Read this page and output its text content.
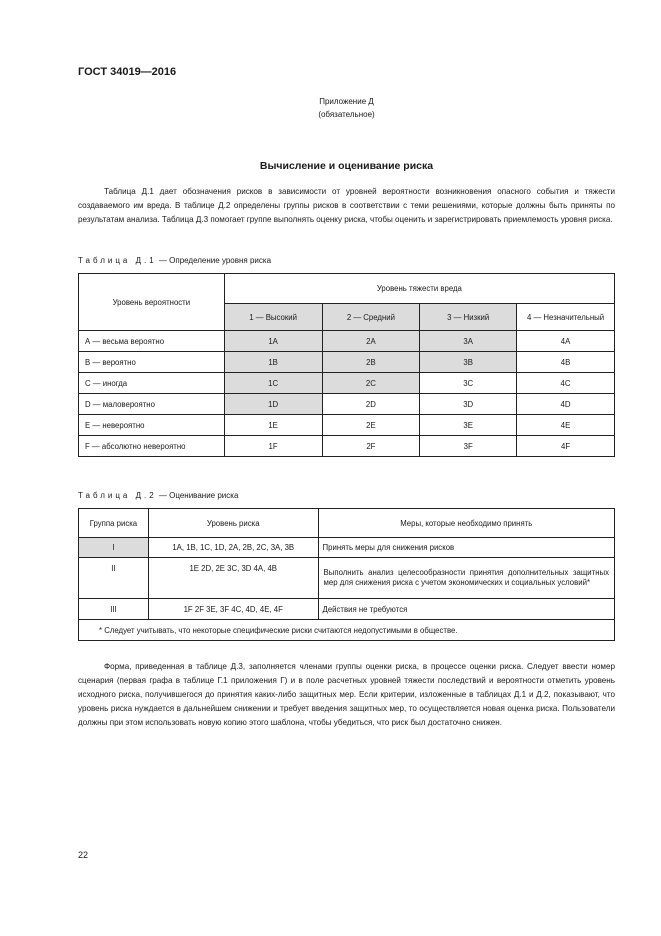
ГОСТ 34019—2016
Приложение Д
(обязательное)
Вычисление и оценивание риска

Таблица Д.1 дает обозначения рисков в зависимости от уровней вероятности возникновения опасного события и тяжести создаваемого им вреда. В таблице Д.2 определены группы рисков в соответствии с теми решениями, которые должны быть приняты по результатам анализа. Таблица Д.3 помогает группе выполнять оценку риска, чтобы оценить и зарегистрировать приемлемость уровня риска.

Таблица Д.1 — Определение уровня риска
Уровень вероятности	Уровень тяжести вреда			
	1 — Высокий	2 — Средний	3 — Низкий	4 — Незначительный
А — весьма вероятно	1А	2А	3А	4А
В — вероятно	1В	2В	3В	4В
С — иногда	1С	2С	3С	4С
D — маловероятно	1D	2D	3D	4D
Е — невероятно	1Е	2Е	3Е	4Е
F — абсолютно невероятно	1F	2F	3F	4F
Таблица Д.2 — Оценивание риска
Группа риска	Уровень риска	Меры, которые необходимо принять
I	1А, 1В, 1С, 1D, 2А, 2В, 2С, 3А, 3В	Принять меры для снижения рисков
II	1Е 2D, 2Е 3С, 3D 4А, 4В	Выполнить анализ целесообразности принятия дополнительных защитных мер для снижения риска с учетом экономических и социальных условий*
III	1F 2F 3Е, 3F 4С, 4D, 4Е, 4F	Действия не требуются
* Следует учитывать, что некоторые специфические риски считаются недопустимыми в обществе.		

Форма, приведенная в таблице Д.3, заполняется членами группы оценки риска, в процессе оценки риска. Следует ввести номер сценария (первая графа в таблице Г.1 приложения Г) и в поле расчетных уровней тяжести последствий и вероятности отметить уровень исходного риска, получившегося до принятия каких-либо защитных мер. Если критерии, изложенные в таблицах Д.1 и Д.2, показывают, что уровень риска нуждается в дальнейшем снижении и требует введения защитных мер, то осуществляется новая оценка риска. Пользователи должны при этом использовать новую копию этого шаблона, чтобы убедиться, что риск был достаточно снижен.

22
